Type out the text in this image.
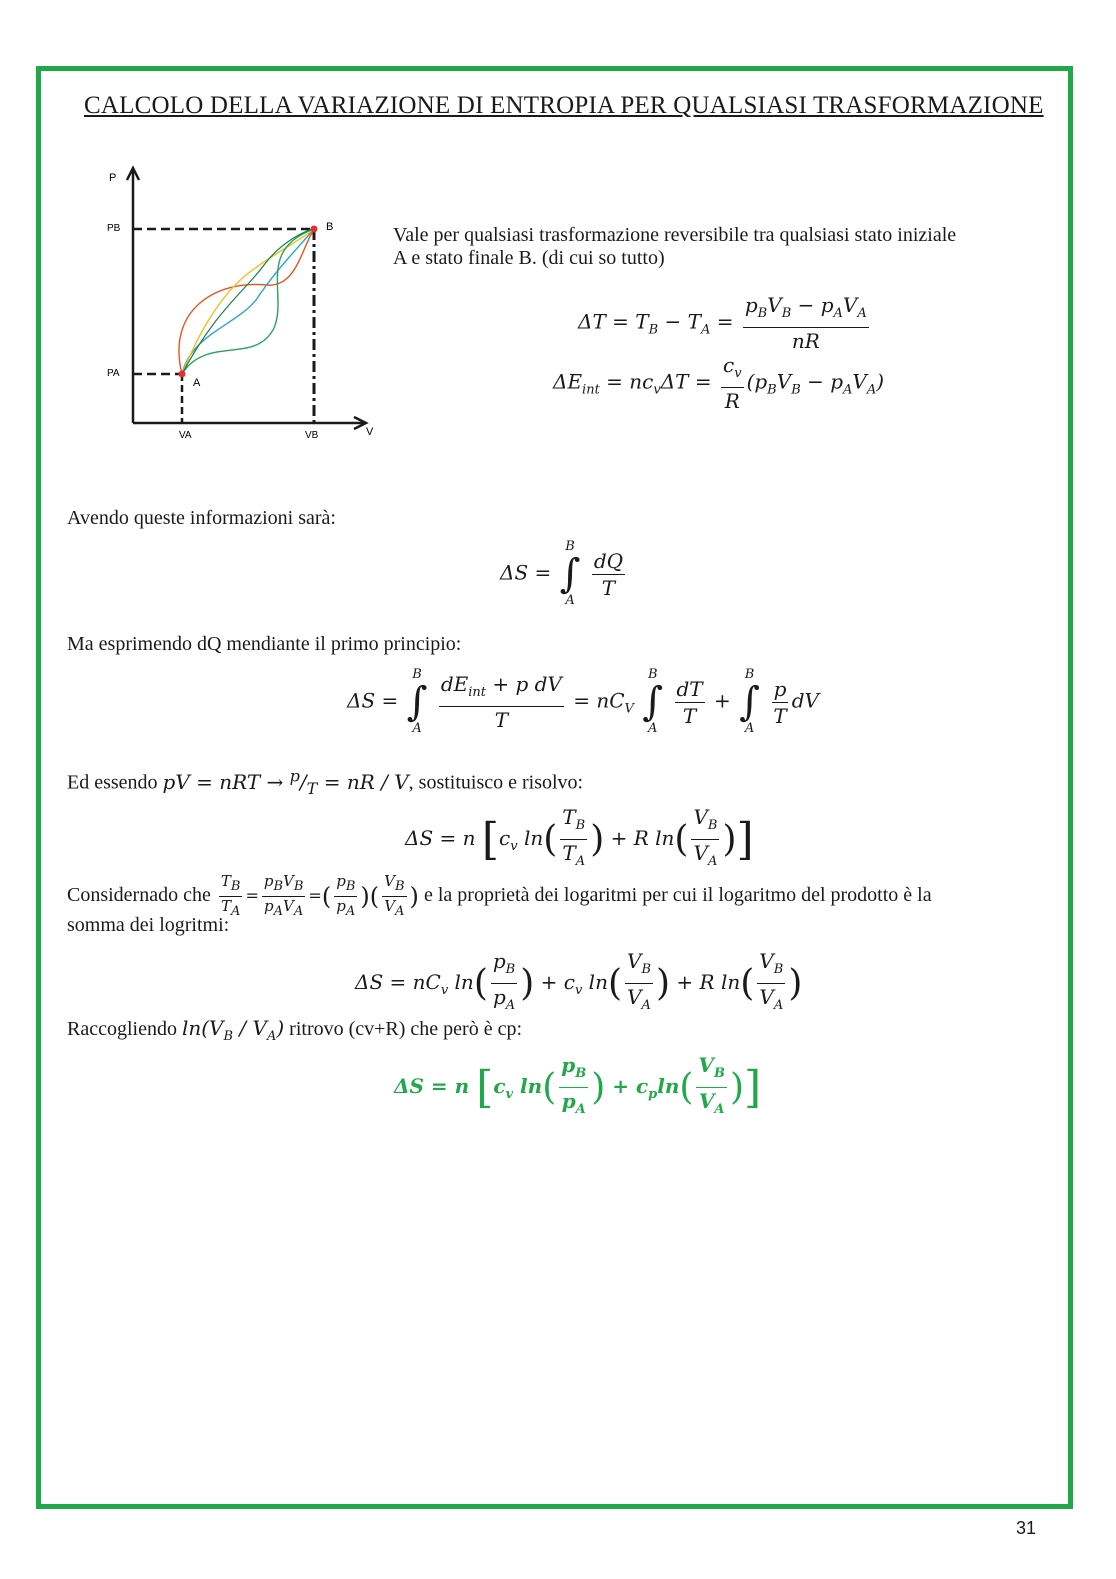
CALCOLO DELLA VARIAZIONE DI ENTROPIA PER QUALSIASI TRASFORMAZIONE
P
V
PB
PA
VA	VB
A
B	Vale per qualsiasi trasformazione reversibile tra qualsiasi stato iniziale
A e stato finale B. (di cui so tutto)
$\Delta T = T_B - T_A = \frac{p_BV_B - p_AV_A}{nR}$
$\Delta E_{int} = nc_v\Delta T = \frac{c_v}{R} (p_BV_B - p_AV_A)$
Avendo queste informazioni sarà:
ΔS =
B
∫
A
$\frac{dQ}{T}$
Ma esprimendo dQ mendiante il primo principio:
ΔS =
B
∫
A
$\frac{dE_{int} + p dV}{T} = nC_V$
B
∫
A
$\frac{dT}{T}$ +
B
∫
A
$\frac{p}{T}$ dV
Ed essendo pV = nRT → $^p/_T$ = nR / V, sostituisco e risolvo:
ΔS = n [$c_v$ $\ln( \frac{T_B}{T_A}$ ) + R $\ln( \frac{V_B}{V_A}$ )]
Considernado che $\frac{T_B}{T_A} = \frac{p_BV_B}{p_AV_A}$ =( $\frac{p_B}{p_A}$ )( $\frac{V_B}{V_A}$ ) e la proprietà dei logaritmi per cui il logaritmo del prodotto è la
somma dei logritmi:
$\Delta S = nC_v$ $\ln( \frac{p_B}{p_A}$ ) + $c_v$ $\ln( \frac{V_B}{V_A}$ ) + R $\ln( \frac{V_B}{V_A}$ )
Raccogliendo $\ln(V_B / V_A)$ ritrovo (cv+R) che però è cp:
ΔS = n [$c_v$ $\ln( \frac{p_B}{p_A}$ ) + $c_p\ln( \frac{V_B}{V_A}$ )]
31
